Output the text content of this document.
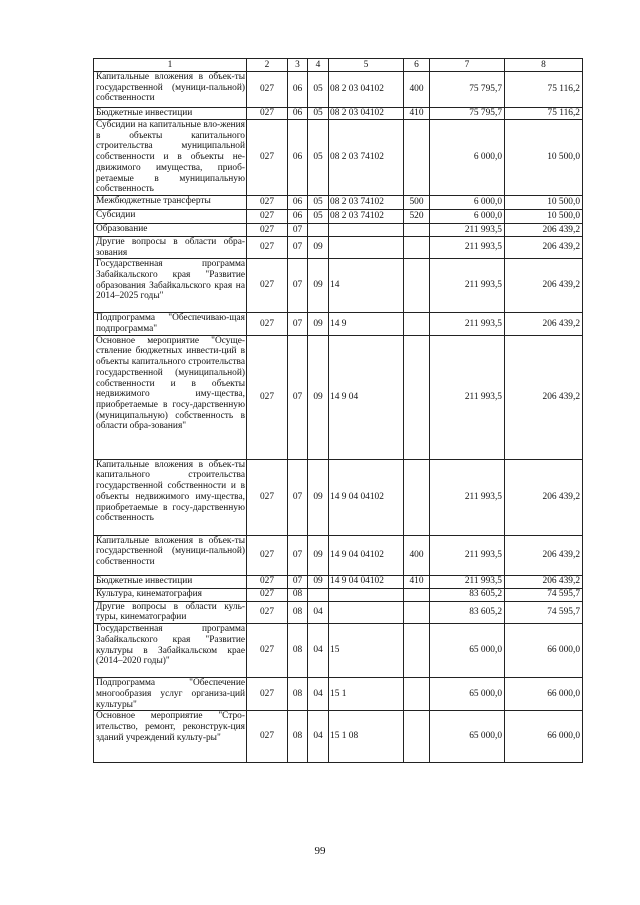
1	2	3	4	5	6	7	8
Капитальные вложения в объек-ты государственной (муници-пальной) собственности	027	06	05	08 2 03 04102	400	75 795,7	75 116,2
Бюджетные инвестиции	027	06	05	08 2 03 04102	410	75 795,7	75 116,2
Субсидии на капитальные вло-жения в объекты капитального строительства муниципальной собственности и в объекты не-движимого имущества, приоб-ретаемые в муниципальную собственность	027	06	05	08 2 03 74102		6 000,0	10 500,0
Межбюджетные трансферты	027	06	05	08 2 03 74102	500	6 000,0	10 500,0
Субсидии	027	06	05	08 2 03 74102	520	6 000,0	10 500,0
Образование	027	07				211 993,5	206 439,2
Другие вопросы в области обра-зования	027	07	09			211 993,5	206 439,2
Государственная программа Забайкальского края "Развитие образования Забайкальского края на 2014–2025 годы"	027	07	09	14		211 993,5	206 439,2
Подпрограмма "Обеспечиваю-щая подпрограмма"	027	07	09	14 9		211 993,5	206 439,2
Основное мероприятие "Осуще-ствление бюджетных инвести-ций в объекты капитального строительства государственной (муниципальной) собственности и в объекты недвижимого иму-щества, приобретаемые в госу-дарственную (муниципальную) собственность в области обра-зования"	027	07	09	14 9 04		211 993,5	206 439,2
Капитальные вложения в объек-ты капитального строительства государственной собственности и в объекты недвижимого иму-щества, приобретаемые в госу-дарственную собственность	027	07	09	14 9 04 04102		211 993,5	206 439,2
Капитальные вложения в объек-ты государственной (муници-пальной) собственности	027	07	09	14 9 04 04102	400	211 993,5	206 439,2
Бюджетные инвестиции	027	07	09	14 9 04 04102	410	211 993,5	206 439,2
Культура, кинематография	027	08				83 605,2	74 595,7
Другие вопросы в области куль-туры, кинематографии	027	08	04			83 605,2	74 595,7
Государственная программа Забайкальского края "Развитие культуры в Забайкальском крае (2014–2020 годы)"	027	08	04	15		65 000,0	66 000,0
Подпрограмма "Обеспечение многообразия услуг организа-ций культуры"	027	08	04	15 1		65 000,0	66 000,0
Основное мероприятие "Стро-ительство, ремонт, реконструк-ция зданий учреждений культу-ры"	027	08	04	15 1 08		65 000,0	66 000,0
99
